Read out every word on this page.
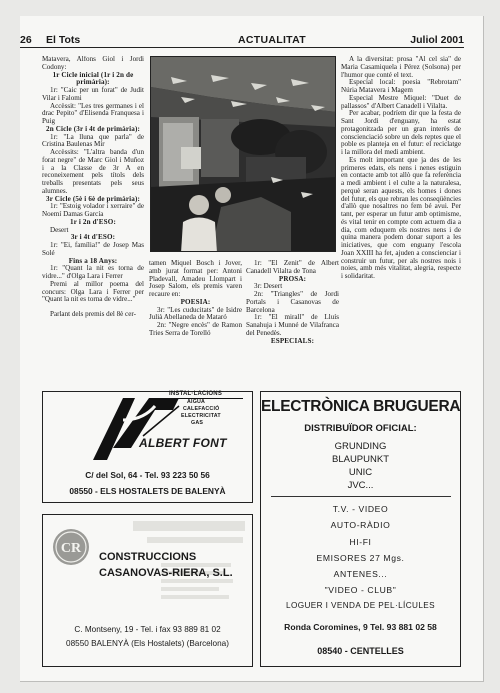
26 El Tots	ACTUALITAT	Juliol 2001

Matavera, Alfons Giol i Jordi Codony:

1r Cicle inicial (1r i 2n de primària):

1r: "Caic per un forat" de Judit Vilar i Falomi

Accèssit: "Les tres germanes i el drac Pepito" d'Elisenda Franquesa i Puig

2n Cicle (3r i 4t de primària):

1r: "La lluna que parla" de Cristina Baulenas Mir

Accèssits: "L'altra banda d'un forat negre" de Marc Giol i Muñoz i a la Classe de 3r A en reconeixement pels títols dels treballs presentats pels seus alumnes.

3r Cicle (5è i 6è de primària):

1r: "Estoig volador i xerraire" de Noemí Damas García

1r i 2n d'ESO:

Desert

3r i 4t d'ESO:

1r: "Ei, família!" de Josep Mas Solé

Fins a 18 Anys:

1r: "Quant la nit es torna de vidre..." d'Olga Lara i Ferrer

Premi al millor poema del concurs: Olga Lara i Ferrer per "Quant la nit es torna de vidre..."

Parlant dels premis del 8è cer-

tamen Miquel Bosch i Jover, amb jurat format per: Antoni Pladevall, Amadeu Llompart i Josep Salom, els premis varen recaure en:

POESIA:

3r: "Les cuducitats" de Isidre Julià Abellaneda de Mataró

2n: "Negre encès" de Ramon Tries Serra de Torelló

1r: "El Zenit" de Albert Canadell Vilalta de Tona

PROSA:

3r: Desert

2n: "Triangles" de Jordi Portals i Casanovas de Barcelona

1r: "El mirall" de Lluís Sanahuja i Munné de Vilafranca del Penedès.

ESPECIALS:

A la diversitat: prosa "Al cel sia" de Maria Casamiquela i Pérez (Solsona) per l'humor que conté el text.

Especial local: poesia "Rebrotam" Núria Matavera i Magem

Especial Mestre Miquel: "Duet de pallassos" d'Albert Canadell i Vilalta.

Per acabar, podríem dir que la festa de Sant Jordi d'enguany, ha estat protagonitzada per un gran interès de conscienciació sobre un dels reptes que el poble es planteja en el futur: el reciclatge i la millora del medi ambient.

Es molt important que ja des de les primeres edats, els nens i nenes estiguin en contacte amb tot allò que fa referència a medi ambient i el culte a la naturalesa, perquè seran aquests, els homes i dones del futur, els que rebran les conseqüències d'allò que nosaltres no fem bé avui. Per tant, per esperar un futur amb optimisme, és vital tenir en compte com actuem dia a dia, com eduquem els nostres nens i de quina manera podem donar suport a les iniciatives, que com enguany l'escola Joan XXIII ha fet, ajuden a conscienciar i construir un futur, per als nostres nois i noies, amb més vitalitat, alegria, respecte i solidaritat.

INSTAL·LACIONS
AIGUA
CALEFACCIÓ
ELECTRICITAT
GAS
ALBERT FONT
C/ del Sol, 64 - Tel. 93 223 50 56
08550 - ELS HOSTALETS DE BALENYÀ
ELECTRÒNICA BRUGUERA
DISTRIBUÏDOR OFICIAL:
GRUNDING
BLAUPUNKT
UNIC
JVC...
T.V. - VIDEO
AUTO-RÀDIO
HI-FI
EMISORES 27 Mgs.
ANTENES...
"VIDEO - CLUB"
LOGUER I VENDA DE PEL·LÍCULES
Ronda Coromines, 9 Tel. 93 881 02 58
08540 - CENTELLES
CR
CONSTRUCCIONS
CASANOVAS-RIERA, S.L.
C. Montseny, 19 - Tel. i fax 93 889 81 02
08550 BALENYÀ (Els Hostalets) (Barcelona)
